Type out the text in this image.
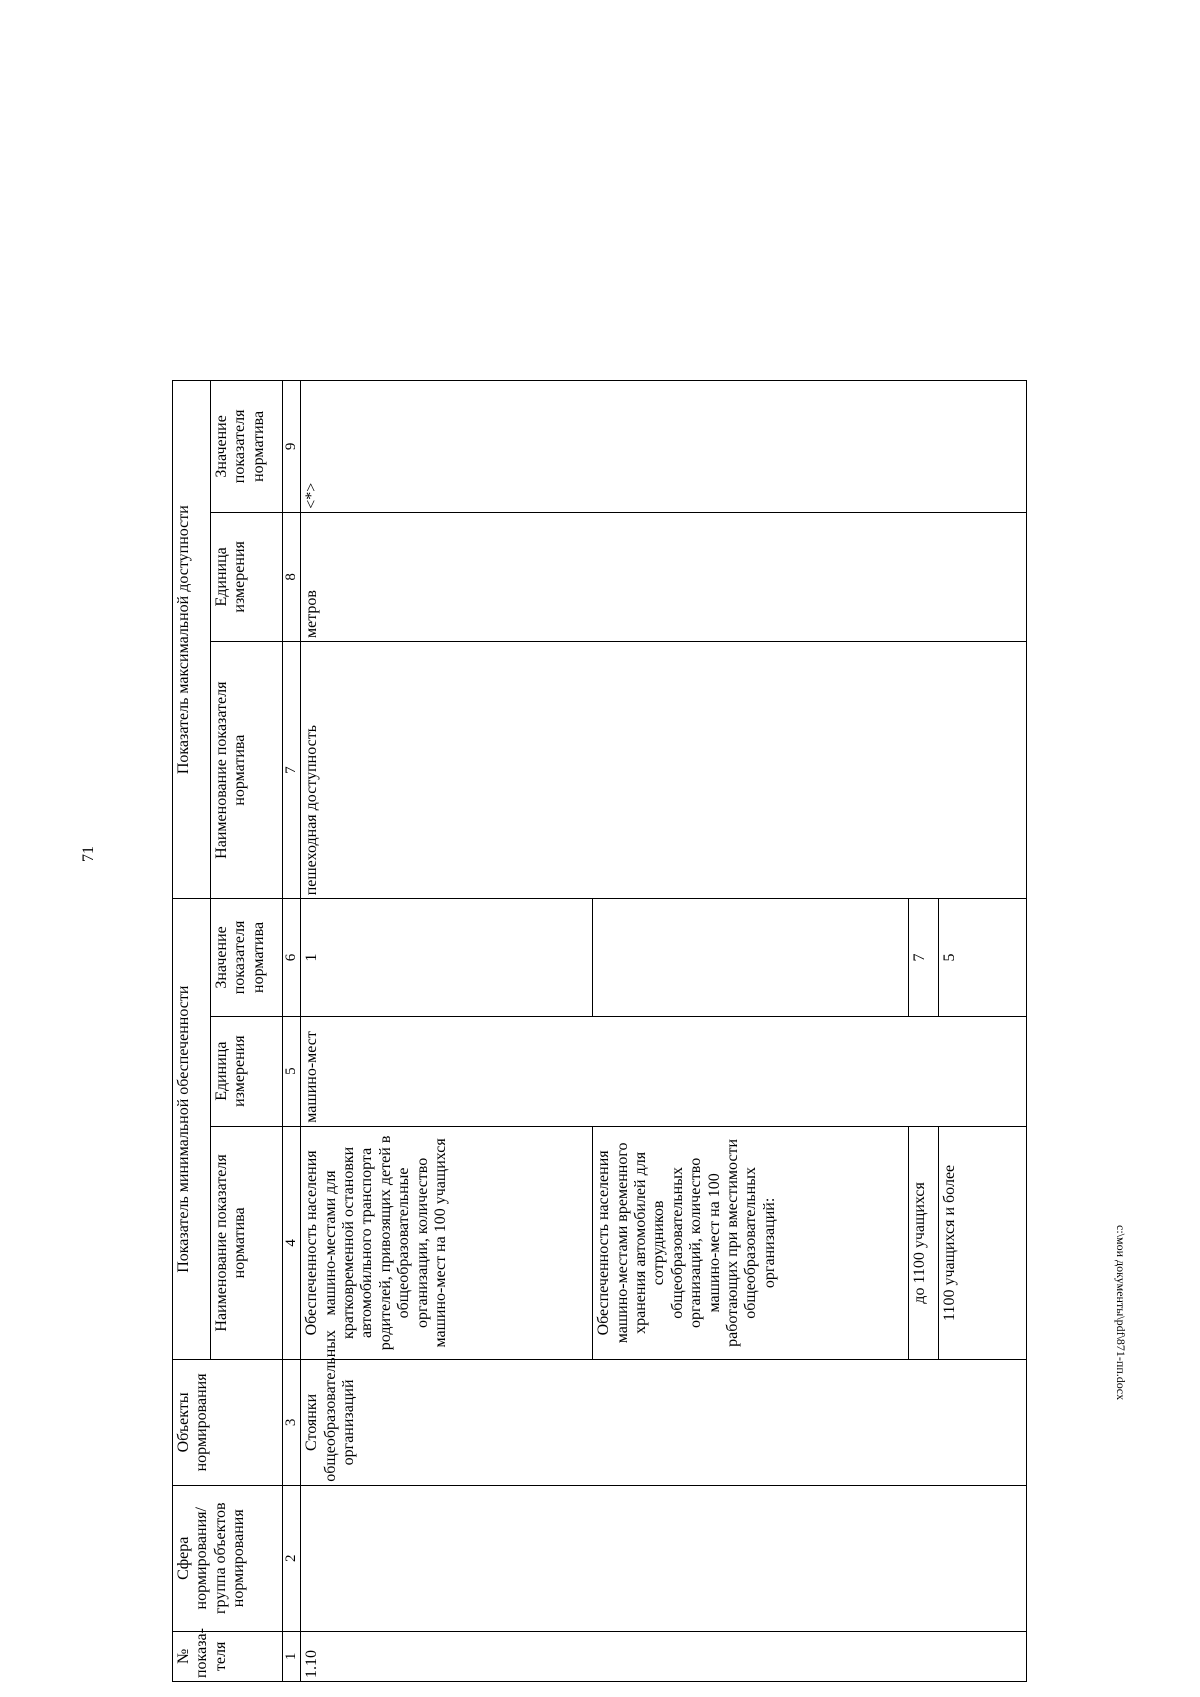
71
c:\мои документы\pdf\871-пп.docx
№ показа-теля	Сфера нормирования/ группа объектов нормирования	Объекты нормирования	Показатель минимальной обеспеченности			Показатель максимальной доступности		
			Наименование показателя норматива	Единица измерения	Значение показателя норматива	Наименование показателя норматива	Единица измерения	Значение показателя норматива
1	2	3	4	5	6	7	8	9
1.10		Стоянки общеобразовательных организаций	Обеспеченность населения машино-местами для кратковременной остановки автомобильного транспорта родителей, привозящих детей в общеобразовательные организации, количество машино-мест на 100 учащихся	машино-мест	1	пешеходная доступность	метров	<*>
			Обеспеченность населения машино-местами временного хранения автомобилей для сотрудников общеобразовательных организаций, количество машино-мест на 100 работающих при вместимости общеобразовательных организаций:					
			до 1100 учащихся		7			
			1100 учащихся и более		5			
